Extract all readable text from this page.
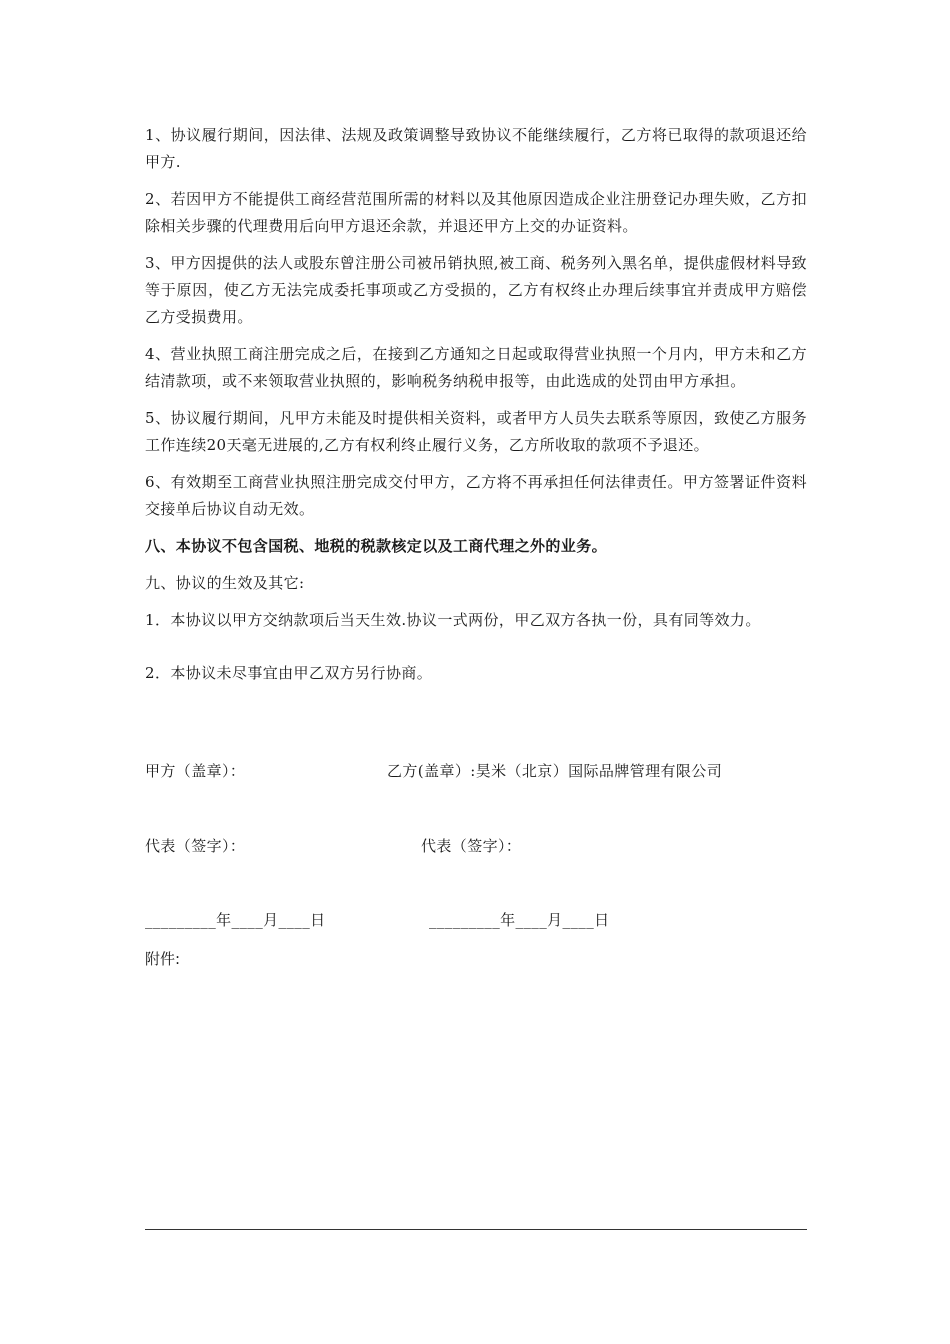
1、协议履行期间，因法律、法规及政策调整导致协议不能继续履行，乙方将已取得的款项退还给甲方.

2、若因甲方不能提供工商经营范围所需的材料以及其他原因造成企业注册登记办理失败，乙方扣除相关步骤的代理费用后向甲方退还余款，并退还甲方上交的办证资料。

3、甲方因提供的法人或股东曾注册公司被吊销执照,被工商、税务列入黑名单，提供虚假材料导致等于原因，使乙方无法完成委托事项或乙方受损的，乙方有权终止办理后续事宜并责成甲方赔偿乙方受损费用。

4、营业执照工商注册完成之后，在接到乙方通知之日起或取得营业执照一个月内，甲方未和乙方结清款项，或不来领取营业执照的，影响税务纳税申报等，由此选成的处罚由甲方承担。

5、协议履行期间，凡甲方未能及时提供相关资料，或者甲方人员失去联系等原因，致使乙方服务工作连续20天毫无进展的,乙方有权利终止履行义务，乙方所收取的款项不予退还。

6、有效期至工商营业执照注册完成交付甲方，乙方将不再承担任何法律责任。甲方签署证件资料交接单后协议自动无效。

八、本协议不包含国税、地税的税款核定以及工商代理之外的业务。

九、协议的生效及其它:

1．本协议以甲方交纳款项后当天生效.协议一式两份，甲乙双方各执一份，具有同等效力。

2．本协议未尽事宜由甲乙双方另行协商。

甲方（盖章）：	乙方(盖章）:昊米（北京）国际品牌管理有限公司
代表（签字）：	代表（签字）：
_________年____月____日	_________年____月____日
附件:
